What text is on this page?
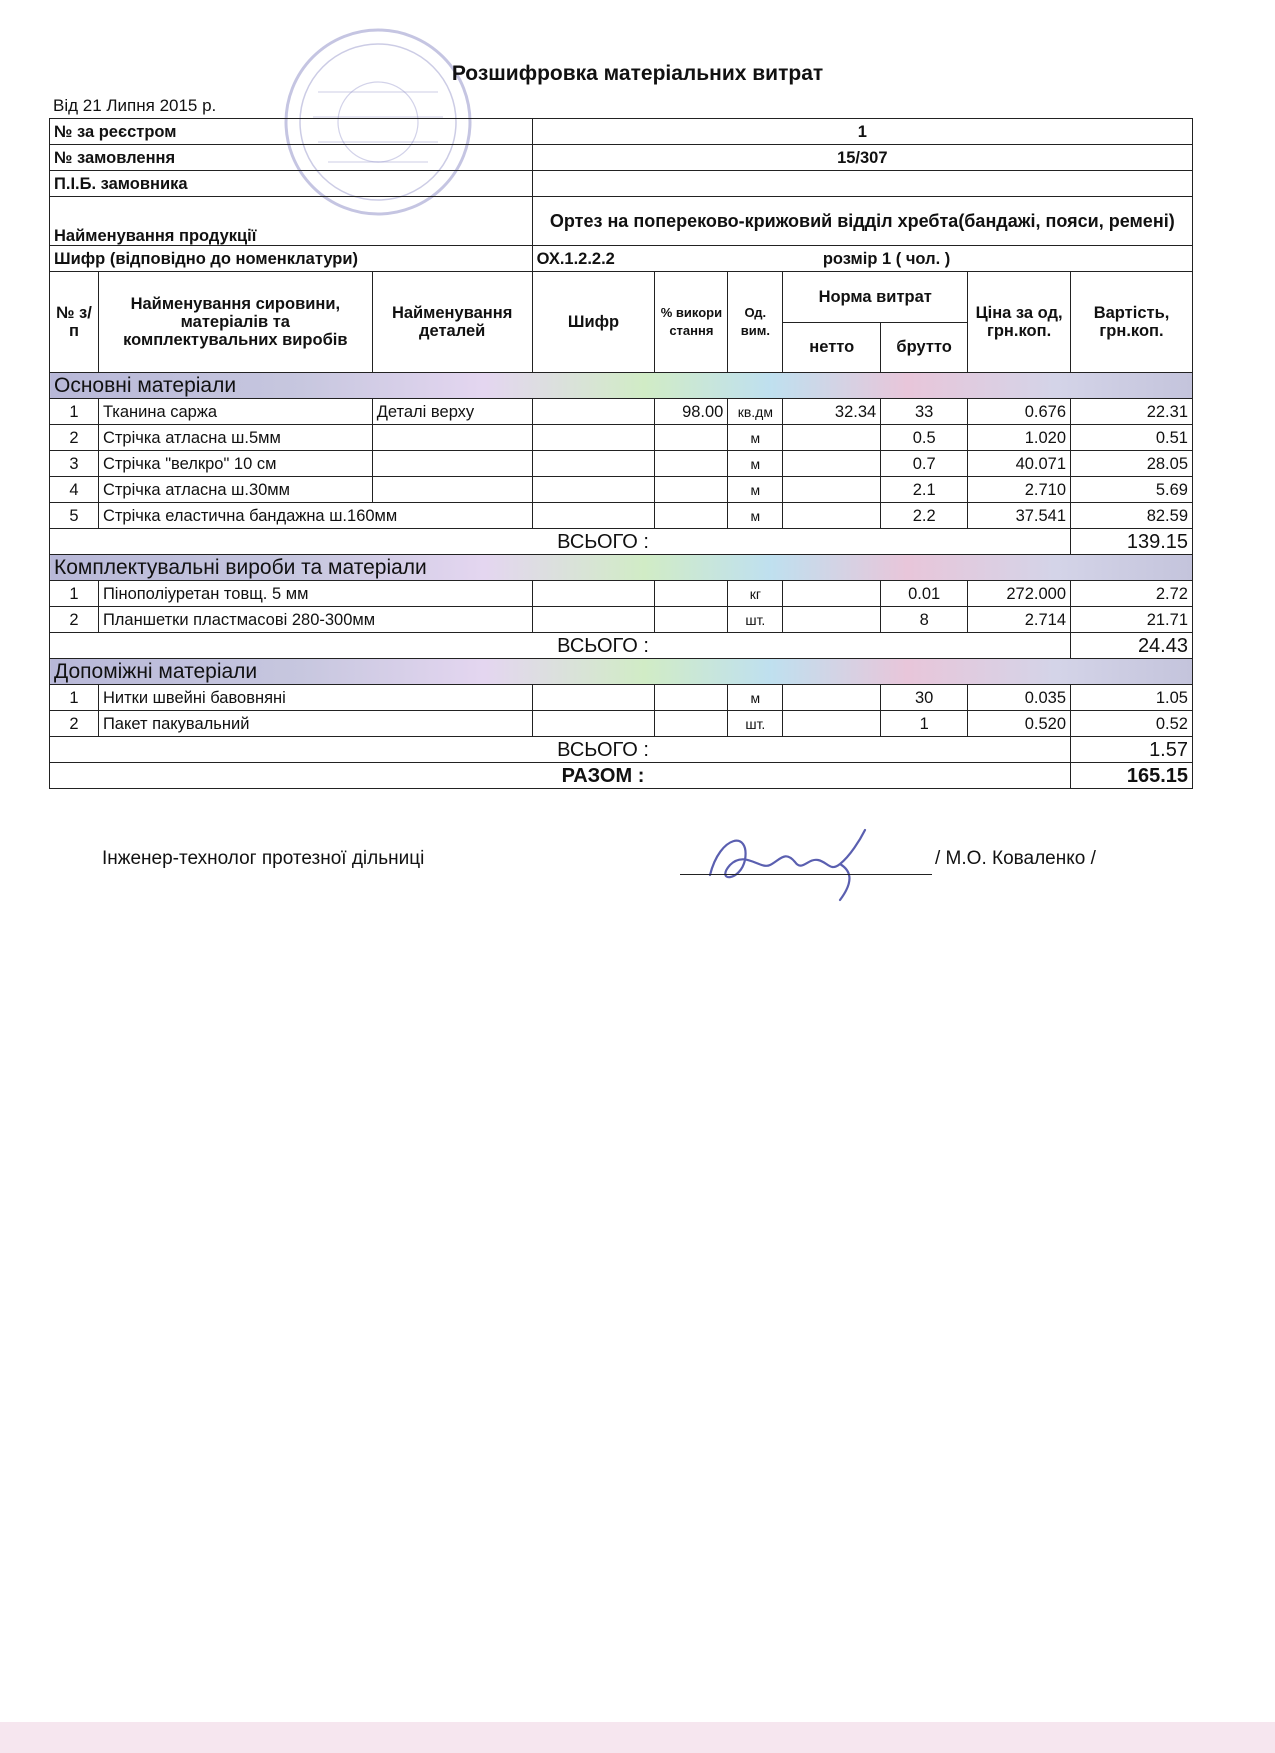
Розшифровка матеріальних витрат
Від 21 Липня 2015 р.
№ за реєстром			1						
№ замовлення			15/307						
П.І.Б. замовника									
Найменування продукції			Ортез на попереково-крижовий відділ хребта(бандажі, пояси, ремені)						
Шифр (відповідно до номенклатури)			ОХ.1.2.2.2			розмір 1 ( чол. )			
№ з/п	Найменування сировини, матеріалів та комплектувальних виробів	Найменування деталей	Шифр	% викори стання	Од. вим.	Норма витрат		Ціна за од, грн.коп.	Вартість, грн.коп.
						нетто	брутто		
Основні матеріали									
1	Тканина саржа	Деталі верху		98.00	кв.дм	32.34	33	0.676	22.31
2	Стрічка атласна ш.5мм				м		0.5	1.020	0.51
3	Стрічка "велкро" 10 см				м		0.7	40.071	28.05
4	Стрічка атласна ш.30мм				м		2.1	2.710	5.69
5	Стрічка еластична бандажна ш.160мм				м		2.2	37.541	82.59
ВСЬОГО :									139.15
Комплектувальні вироби та матеріали									
1	Пінополіуретан товщ. 5 мм				кг		0.01	272.000	2.72
2	Планшетки пластмасові 280-300мм				шт.		8	2.714	21.71
ВСЬОГО :									24.43
Допоміжні матеріали									
1	Нитки швейні бавовняні				м		30	0.035	1.05
2	Пакет пакувальний				шт.		1	0.520	0.52
ВСЬОГО :									1.57
РАЗОМ :									165.15
Інженер-технолог протезної дільниці	/ М.О. Коваленко /
